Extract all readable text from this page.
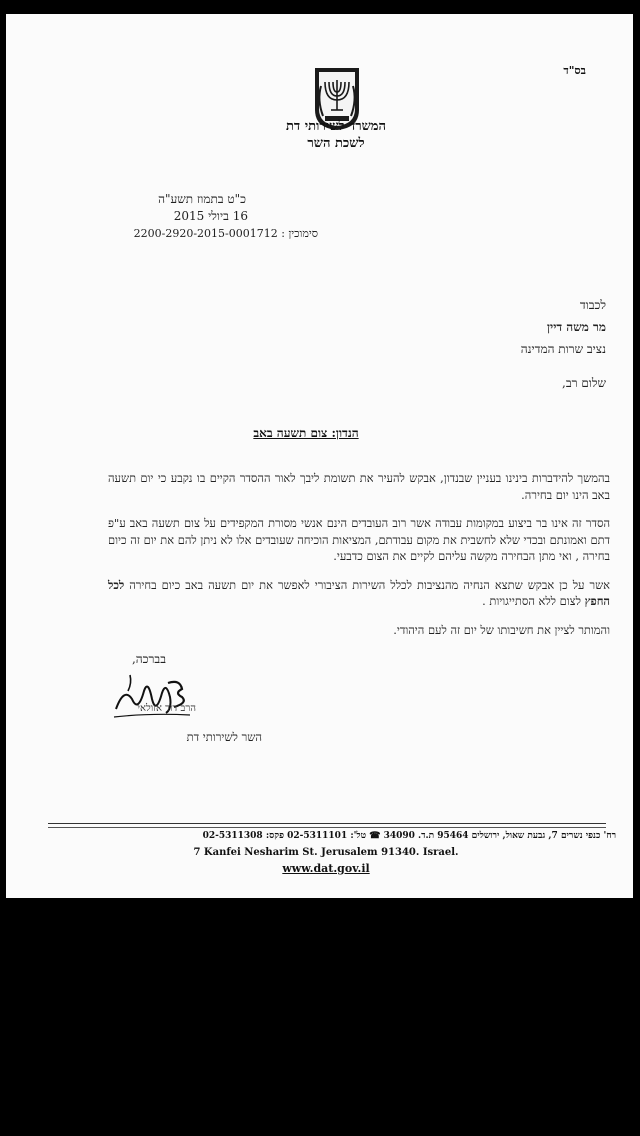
בס"ד
המשרד לשירותי דת
לשכת השר
כ"ט בתמוז תשע"ה
16 ביולי 2015
סימוכין : 2200-2920-2015-0001712
לכבוד
מר משה דיין
נציב שרות המדינה
שלום רב,
הנדון: צום תשעה באב

בהמשך להידברות בינינו בעניין שבנדון, אבקש להעיר את תשומת ליבך לאור ההסדר הקיים בו נקבע כי יום תשעה באב הינו יום בחירה.

הסדר זה אינו בר ביצוע במקומות עבודה אשר רוב העובדים הינם אנשי מסורת המקפידים על צום תשעה באב ע"פ דתם ואמונתם ובכדי שלא לחשבית את מקום עבודתם, המציאות הוכיחה שעובדים אלו לא ניתן להם את יום זה כיום בחירה , ואי מתן הבחירה מקשה עליהם לקיים את הצום כדבעי.

אשר על כן אבקש שתצא הנחיה מהנציבות לכלל השירות הציבורי לאפשר את יום תשעה באב כיום בחירה לכל החפץ לצום ללא הסתייגויות .

והמותר לציין את חשיבותו של יום זה לעם היהודי.

בברכה,
הרב דוד אזולאי
השר לשירותי דת
רח' כנפי נשרים 7, גבעת שאול, ירושלים 95464 ת.ד. 34090 ☎ טל': 02-5311101 פקס: 02-5311308
7 Kanfei Nesharim St. Jerusalem 91340. Israel.
www.dat.gov.il
